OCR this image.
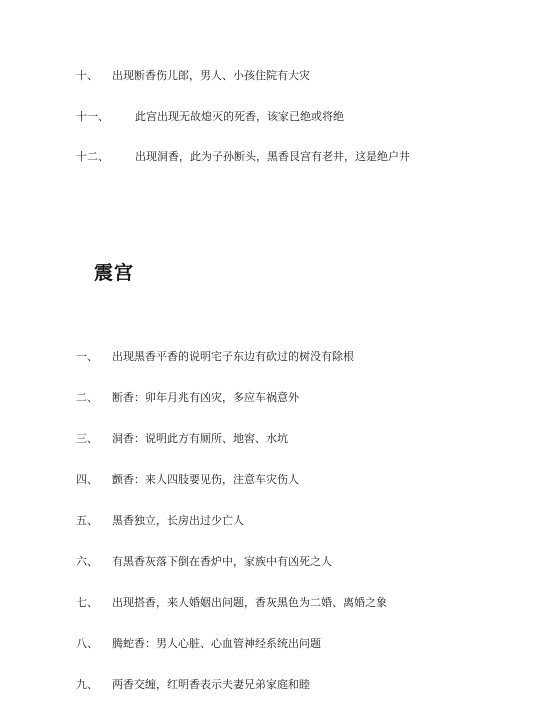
十、	出现断香伤儿郎，男人、小孩住院有大灾
十一、	此宫出现无故熄灭的死香，该家已绝或将绝
十二、	出现洞香，此为子孙断头，黑香艮宫有老井，这是绝户井
震宫
一、	出现黑香平香的说明宅子东边有砍过的树没有除根
二、	断香：卯年月兆有凶灾，多应车祸意外
三、	洞香：说明此方有厕所、地窖、水坑
四、	颤香：来人四肢要见伤，注意车灾伤人
五、	黑香独立，长房出过少亡人
六、	有黑香灰落下倒在香炉中，家族中有凶死之人
七、	出现搭香，来人婚姻出问题，香灰黑色为二婚、离婚之象
八、	腾蛇香：男人心脏、心血管神经系统出问题
九、	两香交缠，红明香表示夫妻兄弟家庭和睦
